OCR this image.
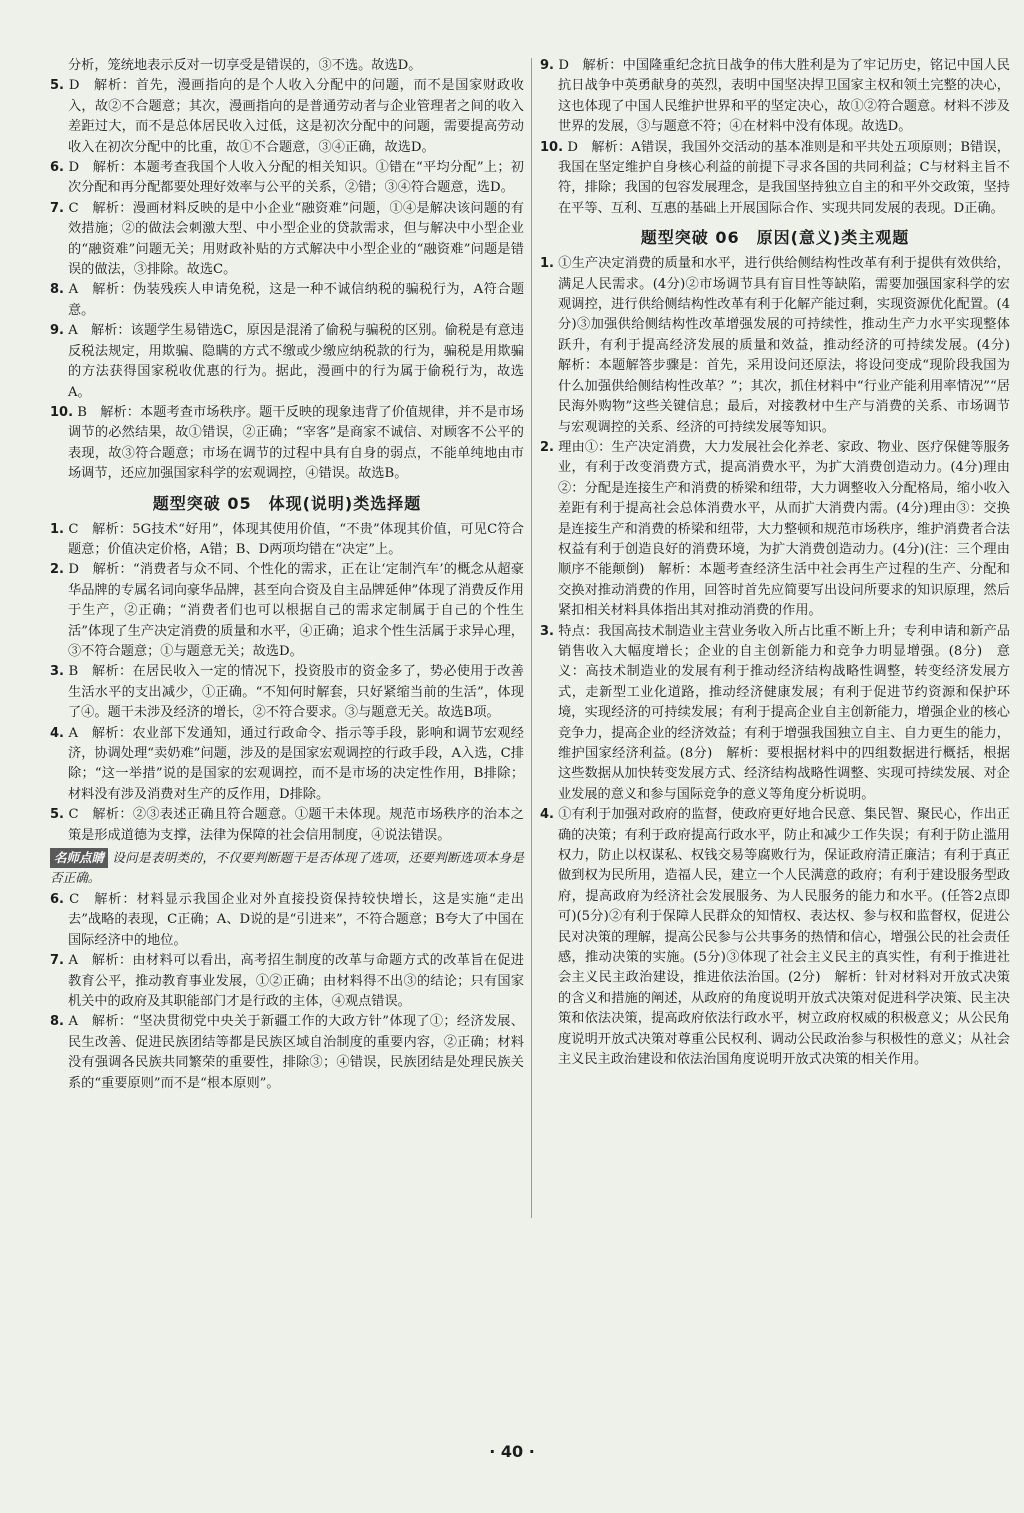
分析，笼统地表示反对一切享受是错误的，③不选。故选D。

5. D　解析：首先，漫画指向的是个人收入分配中的问题，而不是国家财政收入，故②不合题意；其次，漫画指向的是普通劳动者与企业管理者之间的收入差距过大，而不是总体居民收入过低，这是初次分配中的问题，需要提高劳动收入在初次分配中的比重，故①不合题意，③④正确，故选D。

6. D　解析：本题考查我国个人收入分配的相关知识。①错在“平均分配”上；初次分配和再分配都要处理好效率与公平的关系，②错；③④符合题意，选D。

7. C　解析：漫画材料反映的是中小企业“融资难”问题，①④是解决该问题的有效措施；②的做法会刺激大型、中小型企业的贷款需求，但与解决中小型企业的“融资难”问题无关；用财政补贴的方式解决中小型企业的“融资难”问题是错误的做法，③排除。故选C。

8. A　解析：伪装残疾人申请免税，这是一种不诚信纳税的骗税行为，A符合题意。

9. A　解析：该题学生易错选C，原因是混淆了偷税与骗税的区别。偷税是有意违反税法规定，用欺骗、隐瞒的方式不缴或少缴应纳税款的行为，骗税是用欺骗的方法获得国家税收优惠的行为。据此，漫画中的行为属于偷税行为，故选A。

10. B　解析：本题考查市场秩序。题干反映的现象违背了价值规律，并不是市场调节的必然结果，故①错误，②正确；“宰客”是商家不诚信、对顾客不公平的表现，故③符合题意；市场在调节的过程中具有自身的弱点，不能单纯地由市场调节，还应加强国家科学的宏观调控，④错误。故选B。

题型突破 05　体现(说明)类选择题

1. C　解析：5G技术“好用”，体现其使用价值，“不贵”体现其价值，可见C符合题意；价值决定价格，A错；B、D两项均错在“决定”上。

2. D　解析：“消费者与众不同、个性化的需求，正在让‘定制汽车’的概念从超豪华品牌的专属名词向豪华品牌，甚至向合资及自主品牌延伸”体现了消费反作用于生产，②正确；“消费者们也可以根据自己的需求定制属于自己的个性生活”体现了生产决定消费的质量和水平，④正确；追求个性生活属于求异心理，③不符合题意；①与题意无关；故选D。

3. B　解析：在居民收入一定的情况下，投资股市的资金多了，势必使用于改善生活水平的支出减少，①正确。“不知何时解套，只好紧缩当前的生活”，体现了④。题干未涉及经济的增长，②不符合要求。③与题意无关。故选B项。

4. A　解析：农业部下发通知，通过行政命令、指示等手段，影响和调节宏观经济，协调处理“卖奶难”问题，涉及的是国家宏观调控的行政手段，A入选，C排除；“这一举措”说的是国家的宏观调控，而不是市场的决定性作用，B排除；材料没有涉及消费对生产的反作用，D排除。

5. C　解析：②③表述正确且符合题意。①题干未体现。规范市场秩序的治本之策是形成道德为支撑，法律为保障的社会信用制度，④说法错误。

名师点睛 设问是表明类的，不仅要判断题干是否体现了选项，还要判断选项本身是否正确。

6. C　解析：材料显示我国企业对外直接投资保持较快增长，这是实施“走出去”战略的表现，C正确；A、D说的是“引进来”，不符合题意；B夸大了中国在国际经济中的地位。

7. A　解析：由材料可以看出，高考招生制度的改革与命题方式的改革旨在促进教育公平，推动教育事业发展，①②正确；由材料得不出③的结论；只有国家机关中的政府及其职能部门才是行政的主体，④观点错误。

8. A　解析：“坚决贯彻党中央关于新疆工作的大政方针”体现了①；经济发展、民生改善、促进民族团结等都是民族区域自治制度的重要内容，②正确；材料没有强调各民族共同繁荣的重要性，排除③；④错误，民族团结是处理民族关系的“重要原则”而不是“根本原则”。

9. D　解析：中国隆重纪念抗日战争的伟大胜利是为了牢记历史，铭记中国人民抗日战争中英勇献身的英烈，表明中国坚决捍卫国家主权和领土完整的决心，这也体现了中国人民维护世界和平的坚定决心，故①②符合题意。材料不涉及世界的发展，③与题意不符；④在材料中没有体现。故选D。

10. D　解析：A错误，我国外交活动的基本准则是和平共处五项原则；B错误，我国在坚定维护自身核心利益的前提下寻求各国的共同利益；C与材料主旨不符，排除；我国的包容发展理念，是我国坚持独立自主的和平外交政策，坚持在平等、互利、互惠的基础上开展国际合作、实现共同发展的表现。D正确。

题型突破 06　原因(意义)类主观题

1. ①生产决定消费的质量和水平，进行供给侧结构性改革有利于提供有效供给，满足人民需求。(4分)②市场调节具有盲目性等缺陷，需要加强国家科学的宏观调控，进行供给侧结构性改革有利于化解产能过剩，实现资源优化配置。(4分)③加强供给侧结构性改革增强发展的可持续性，推动生产力水平实现整体跃升，有利于提高经济发展的质量和效益，推动经济的可持续发展。(4分)　解析：本题解答步骤是：首先，采用设问还原法，将设问变成“现阶段我国为什么加强供给侧结构性改革？”；其次，抓住材料中“行业产能利用率情况”“居民海外购物”这些关键信息；最后，对接教材中生产与消费的关系、市场调节与宏观调控的关系、经济的可持续发展等知识。

2. 理由①：生产决定消费，大力发展社会化养老、家政、物业、医疗保健等服务业，有利于改变消费方式，提高消费水平，为扩大消费创造动力。(4分)理由②：分配是连接生产和消费的桥梁和纽带，大力调整收入分配格局，缩小收入差距有利于提高社会总体消费水平，从而扩大消费内需。(4分)理由③：交换是连接生产和消费的桥梁和纽带，大力整顿和规范市场秩序，维护消费者合法权益有利于创造良好的消费环境，为扩大消费创造动力。(4分)(注：三个理由顺序不能颠倒)　解析：本题考查经济生活中社会再生产过程的生产、分配和交换对推动消费的作用，回答时首先应简要写出设问所要求的知识原理，然后紧扣相关材料具体指出其对推动消费的作用。

3. 特点：我国高技术制造业主营业务收入所占比重不断上升；专利申请和新产品销售收入大幅度增长；企业的自主创新能力和竞争力明显增强。(8分)　意义：高技术制造业的发展有利于推动经济结构战略性调整，转变经济发展方式，走新型工业化道路，推动经济健康发展；有利于促进节约资源和保护环境，实现经济的可持续发展；有利于提高企业自主创新能力，增强企业的核心竞争力，提高企业的经济效益；有利于增强我国独立自主、自力更生的能力，维护国家经济利益。(8分)　解析：要根据材料中的四组数据进行概括，根据这些数据从加快转变发展方式、经济结构战略性调整、实现可持续发展、对企业发展的意义和参与国际竞争的意义等角度分析说明。

4. ①有利于加强对政府的监督，使政府更好地合民意、集民智、聚民心，作出正确的决策；有利于政府提高行政水平，防止和减少工作失误；有利于防止滥用权力，防止以权谋私、权钱交易等腐败行为，保证政府清正廉洁；有利于真正做到权为民所用，造福人民，建立一个人民满意的政府；有利于建设服务型政府，提高政府为经济社会发展服务、为人民服务的能力和水平。(任答2点即可)(5分)②有利于保障人民群众的知情权、表达权、参与权和监督权，促进公民对决策的理解，提高公民参与公共事务的热情和信心，增强公民的社会责任感，推动决策的实施。(5分)③体现了社会主义民主的真实性，有利于推进社会主义民主政治建设，推进依法治国。(2分)　解析：针对材料对开放式决策的含义和措施的阐述，从政府的角度说明开放式决策对促进科学决策、民主决策和依法决策，提高政府依法行政水平，树立政府权威的积极意义；从公民角度说明开放式决策对尊重公民权利、调动公民政治参与积极性的意义；从社会主义民主政治建设和依法治国角度说明开放式决策的相关作用。

· 40 ·
